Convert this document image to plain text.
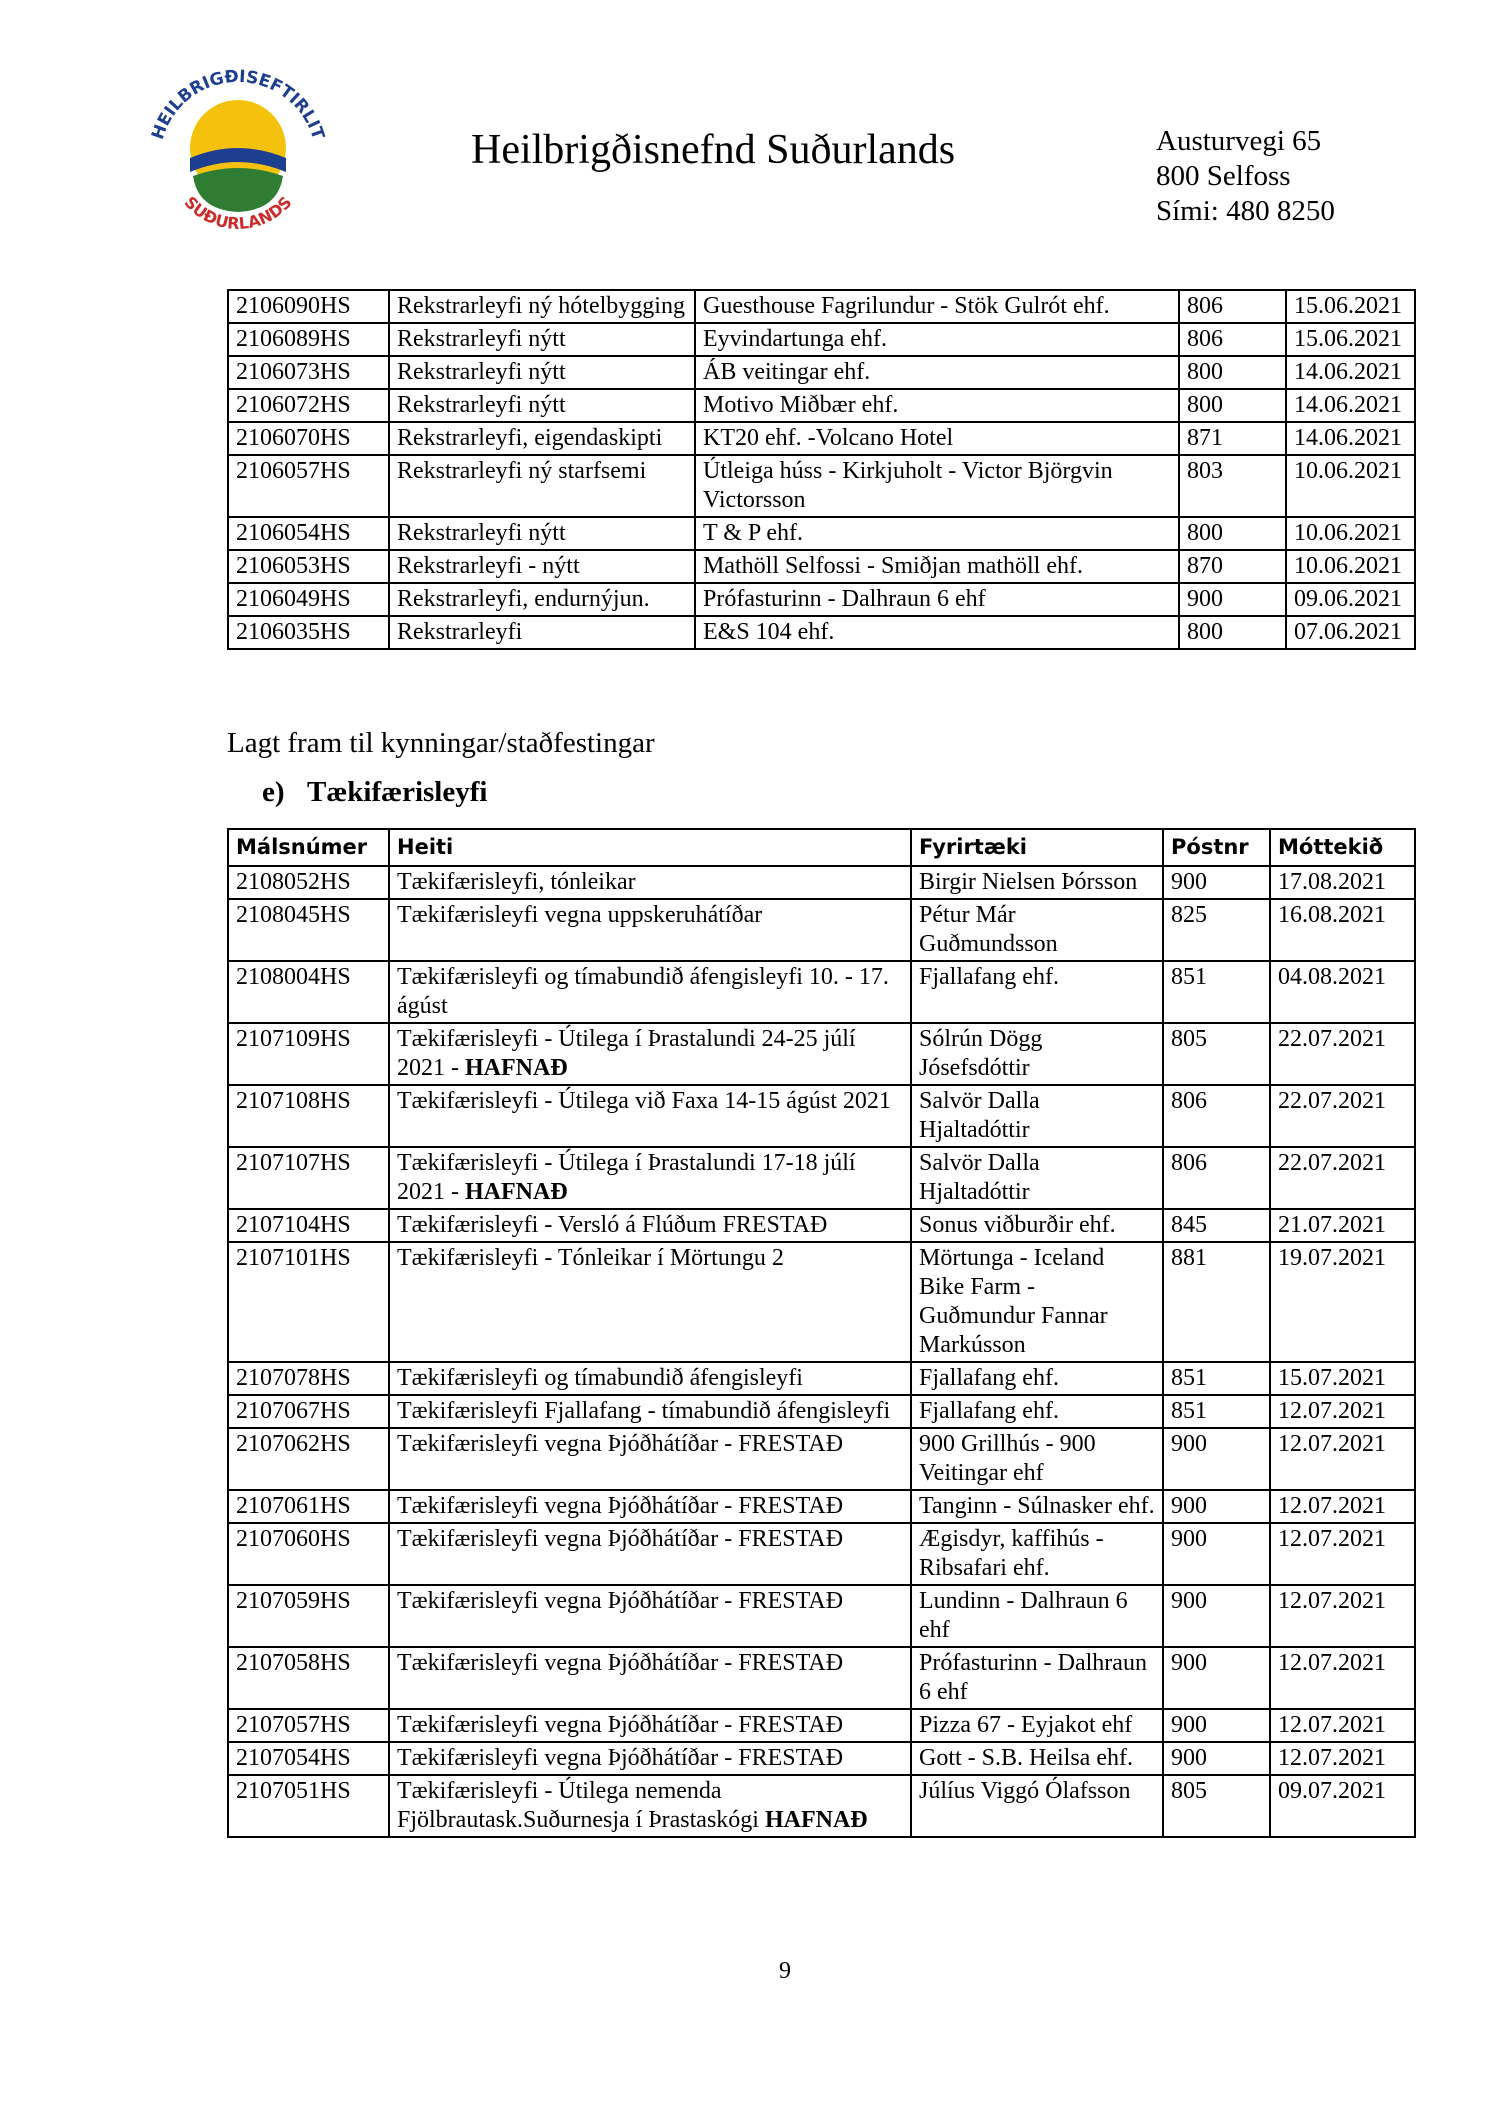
HEILBRIGÐISEFTIRLIT
SUÐURLANDS
Heilbrigðisnefnd Suðurlands	Austurvegi 65
800 Selfoss
Sími: 480 8250
2106090HS	Rekstrarleyfi ný hótelbygging	Guesthouse Fagrilundur - Stök Gulrót ehf.	806	15.06.2021
2106089HS	Rekstrarleyfi nýtt	Eyvindartunga ehf.	806	15.06.2021
2106073HS	Rekstrarleyfi nýtt	ÁB veitingar ehf.	800	14.06.2021
2106072HS	Rekstrarleyfi nýtt	Motivo Miðbær ehf.	800	14.06.2021
2106070HS	Rekstrarleyfi, eigendaskipti	KT20 ehf. -Volcano Hotel	871	14.06.2021
2106057HS	Rekstrarleyfi ný starfsemi	Útleiga húss - Kirkjuholt - Victor Björgvin Victorsson	803	10.06.2021
2106054HS	Rekstrarleyfi nýtt	T & P ehf.	800	10.06.2021
2106053HS	Rekstrarleyfi - nýtt	Mathöll Selfossi - Smiðjan mathöll ehf.	870	10.06.2021
2106049HS	Rekstrarleyfi, endurnýjun.	Prófasturinn - Dalhraun 6 ehf	900	09.06.2021
2106035HS	Rekstrarleyfi	E&S 104 ehf.	800	07.06.2021
Lagt fram til kynningar/staðfestingar
e) Tækifærisleyfi
Málsnúmer	Heiti	Fyrirtæki	Póstnr	Móttekið
2108052HS	Tækifærisleyfi, tónleikar	Birgir Nielsen Þórsson	900	17.08.2021
2108045HS	Tækifærisleyfi vegna uppskeruhátíðar	Pétur Már Guðmundsson	825	16.08.2021
2108004HS	Tækifærisleyfi og tímabundið áfengisleyfi 10. - 17. ágúst	Fjallafang ehf.	851	04.08.2021
2107109HS	Tækifærisleyfi - Útilega í Þrastalundi 24-25 júlí 2021 - HAFNAÐ	Sólrún Dögg Jósefsdóttir	805	22.07.2021
2107108HS	Tækifærisleyfi - Útilega við Faxa 14-15 ágúst 2021	Salvör Dalla Hjaltadóttir	806	22.07.2021
2107107HS	Tækifærisleyfi - Útilega í Þrastalundi 17-18 júlí 2021 - HAFNAÐ	Salvör Dalla Hjaltadóttir	806	22.07.2021
2107104HS	Tækifærisleyfi - Versló á Flúðum FRESTAÐ	Sonus viðburðir ehf.	845	21.07.2021
2107101HS	Tækifærisleyfi - Tónleikar í Mörtungu 2	Mörtunga - Iceland Bike Farm - Guðmundur Fannar Markússon	881	19.07.2021
2107078HS	Tækifærisleyfi og tímabundið áfengisleyfi	Fjallafang ehf.	851	15.07.2021
2107067HS	Tækifærisleyfi Fjallafang - tímabundið áfengisleyfi	Fjallafang ehf.	851	12.07.2021
2107062HS	Tækifærisleyfi vegna Þjóðhátíðar - FRESTAÐ	900 Grillhús - 900 Veitingar ehf	900	12.07.2021
2107061HS	Tækifærisleyfi vegna Þjóðhátíðar - FRESTAÐ	Tanginn - Súlnasker ehf.	900	12.07.2021
2107060HS	Tækifærisleyfi vegna Þjóðhátíðar - FRESTAÐ	Ægisdyr, kaffihús - Ribsafari ehf.	900	12.07.2021
2107059HS	Tækifærisleyfi vegna Þjóðhátíðar - FRESTAÐ	Lundinn - Dalhraun 6 ehf	900	12.07.2021
2107058HS	Tækifærisleyfi vegna Þjóðhátíðar - FRESTAÐ	Prófasturinn - Dalhraun 6 ehf	900	12.07.2021
2107057HS	Tækifærisleyfi vegna Þjóðhátíðar - FRESTAÐ	Pizza 67 - Eyjakot ehf	900	12.07.2021
2107054HS	Tækifærisleyfi vegna Þjóðhátíðar - FRESTAÐ	Gott - S.B. Heilsa ehf.	900	12.07.2021
2107051HS	Tækifærisleyfi - Útilega nemenda Fjölbrautask.Suðurnesja í Þrastaskógi HAFNAÐ	Júlíus Viggó Ólafsson	805	09.07.2021
9
